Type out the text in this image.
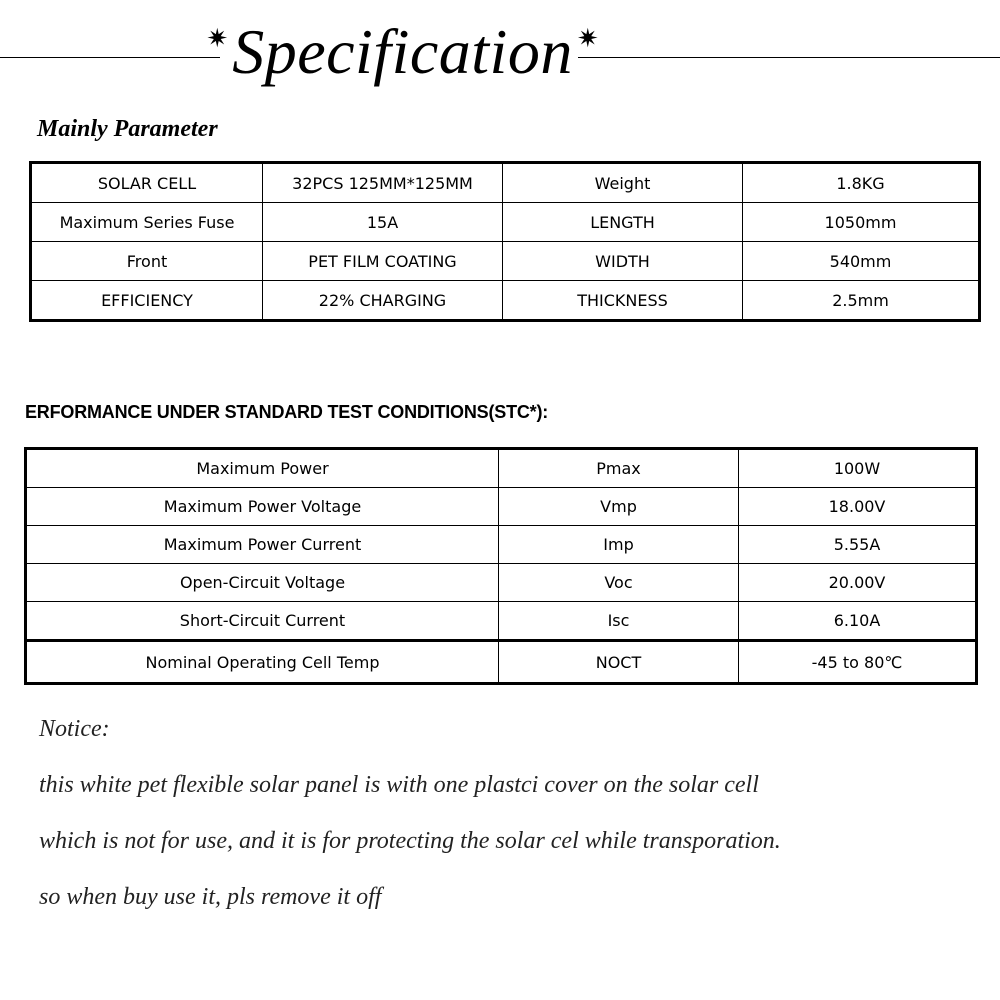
✷ Specification ✷
Mainly Parameter
SOLAR CELL	32PCS 125MM*125MM	Weight	1.8KG
Maximum Series Fuse	15A	LENGTH	1050mm
Front	PET FILM COATING	WIDTH	540mm
EFFICIENCY	22% CHARGING	THICKNESS	2.5mm
ERFORMANCE UNDER STANDARD TEST CONDITIONS(STC*):
Maximum Power	Pmax	100W
Maximum Power Voltage	Vmp	18.00V
Maximum Power Current	Imp	5.55A
Open-Circuit Voltage	Voc	20.00V
Short-Circuit Current	Isc	6.10A
Nominal Operating Cell Temp	NOCT	-45 to 80℃
Notice:
this white pet flexible solar panel is with one plastci cover on the solar cell
which is not for use, and it is for protecting the solar cel while transporation.
so when buy use it, pls remove it off
